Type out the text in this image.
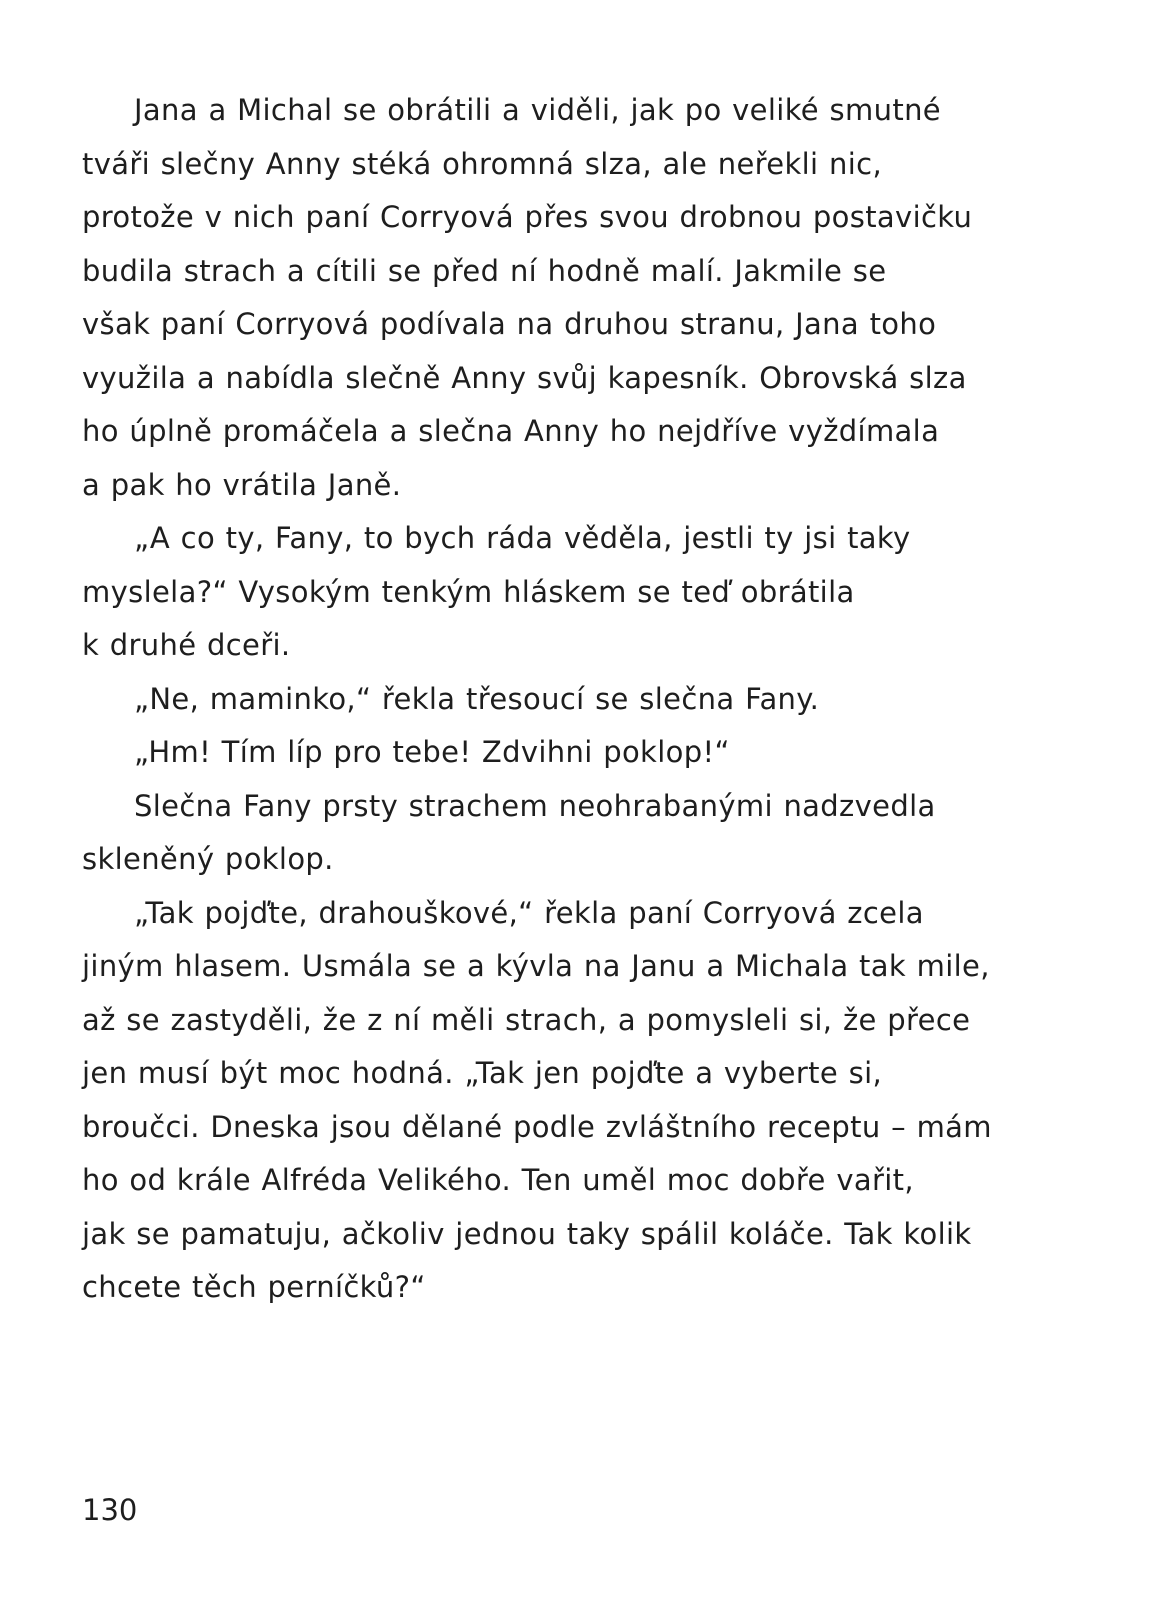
Jana a Michal se obrátili a viděli, jak po veliké smutné
tváři slečny Anny stéká ohromná slza, ale neřekli nic,
protože v nich paní Corryová přes svou drobnou postavičku
budila strach a cítili se před ní hodně malí. Jakmile se
však paní Corryová podívala na druhou stranu, Jana toho
využila a nabídla slečně Anny svůj kapesník. Obrovská slza
ho úplně promáčela a slečna Anny ho nejdříve vyždímala
a pak ho vrátila Janě.
„A co ty, Fany, to bych ráda věděla, jestli ty jsi taky
myslela?“ Vysokým tenkým hláskem se teď obrátila
k druhé dceři.
„Ne, maminko,“ řekla třesoucí se slečna Fany.
„Hm! Tím líp pro tebe! Zdvihni poklop!“
Slečna Fany prsty strachem neohrabanými nadzvedla
skleněný poklop.
„Tak pojďte, drahouškové,“ řekla paní Corryová zcela
jiným hlasem. Usmála se a kývla na Janu a Michala tak mile,
až se zastyděli, že z ní měli strach, a pomysleli si, že přece
jen musí být moc hodná. „Tak jen pojďte a vyberte si,
broučci. Dneska jsou dělané podle zvláštního receptu – mám
ho od krále Alfréda Velikého. Ten uměl moc dobře vařit,
jak se pamatuju, ačkoliv jednou taky spálil koláče. Tak kolik
chcete těch perníčků?“
130
